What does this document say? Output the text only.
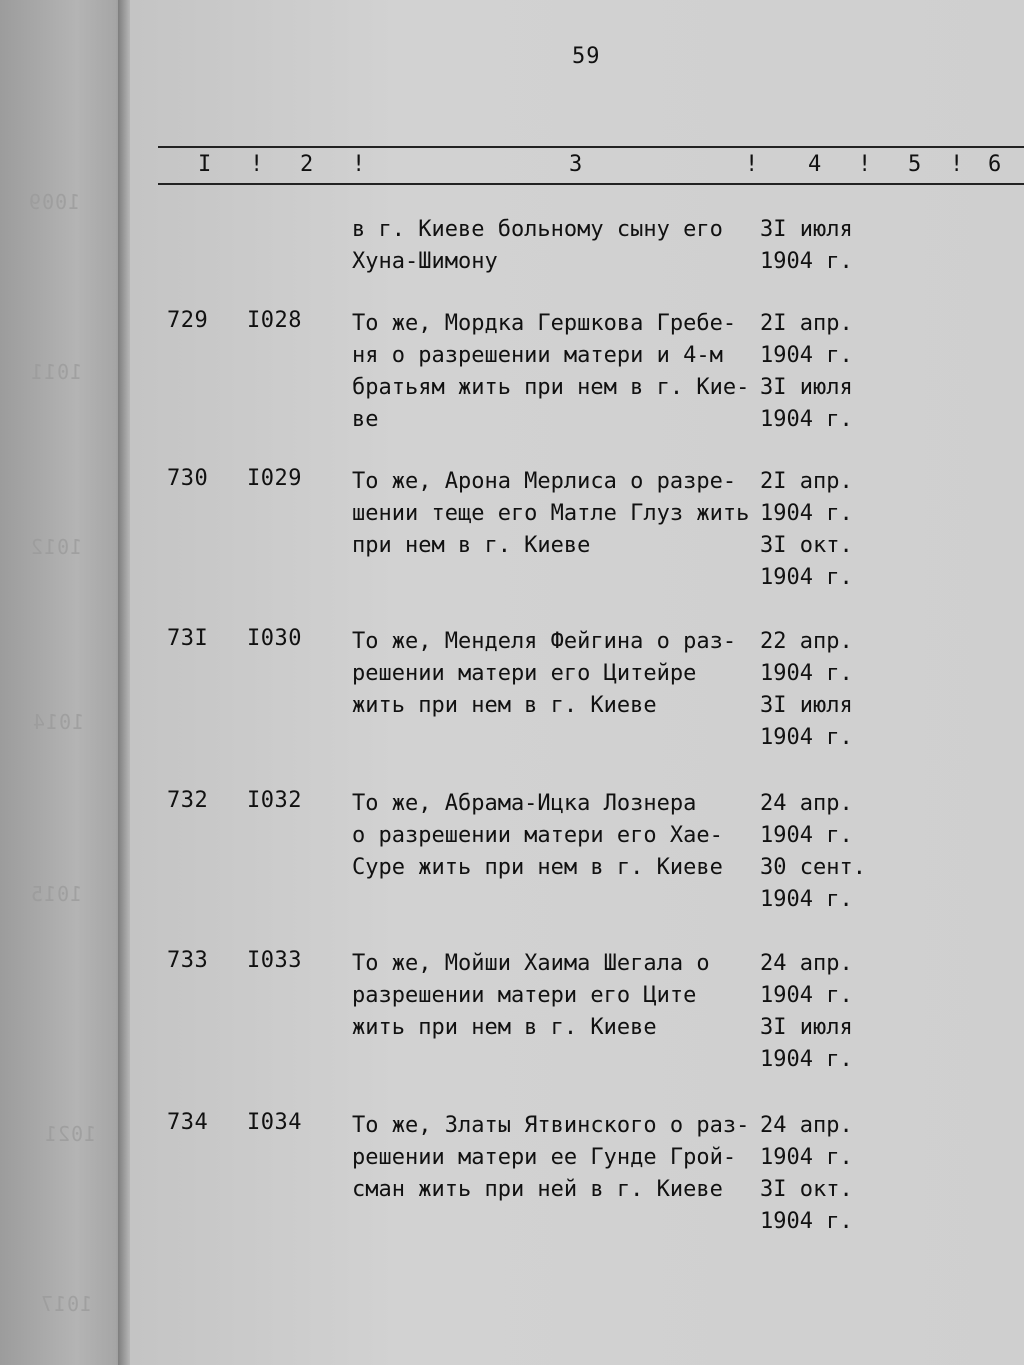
1009
1011
1012
1014
1015
1021
1017
59
I ! 2 !	3	! 4 ! 5 ! 6
в г. Киеве больному сыну его
Хуна-Шимону
3I июля
1904 г.
729 I028 То же, Мордка Гершкова Гребе-
ня о разрешении матери и 4-м
братьям жить при нем в г. Кие-
ве
2I апр.
1904 г.
3I июля
1904 г.
730 I029 То же, Арона Мерлиса о разре-
шении теще его Матле Глуз жить
при нем в г. Киеве
2I апр.
1904 г.
3I окт.
1904 г.
73I I030 То же, Менделя Фейгина о раз-
решении матери его Цитейре
жить при нем в г. Киеве
22 апр.
1904 г.
3I июля
1904 г.
732 I032 То же, Абрама-Ицка Лознера
о разрешении матери его Хае-
Суре жить при нем в г. Киеве
24 апр.
1904 г.
30 сент.
1904 г.
733 I033 То же, Мойши Хаима Шегала о
разрешении матери его Ците
жить при нем в г. Киеве
24 апр.
1904 г.
3I июля
1904 г.
734 I034 То же, Златы Ятвинского о раз-
решении матери ее Гунде Грой-
сман жить при ней в г. Киеве
24 апр.
1904 г.
3I окт.
1904 г.
